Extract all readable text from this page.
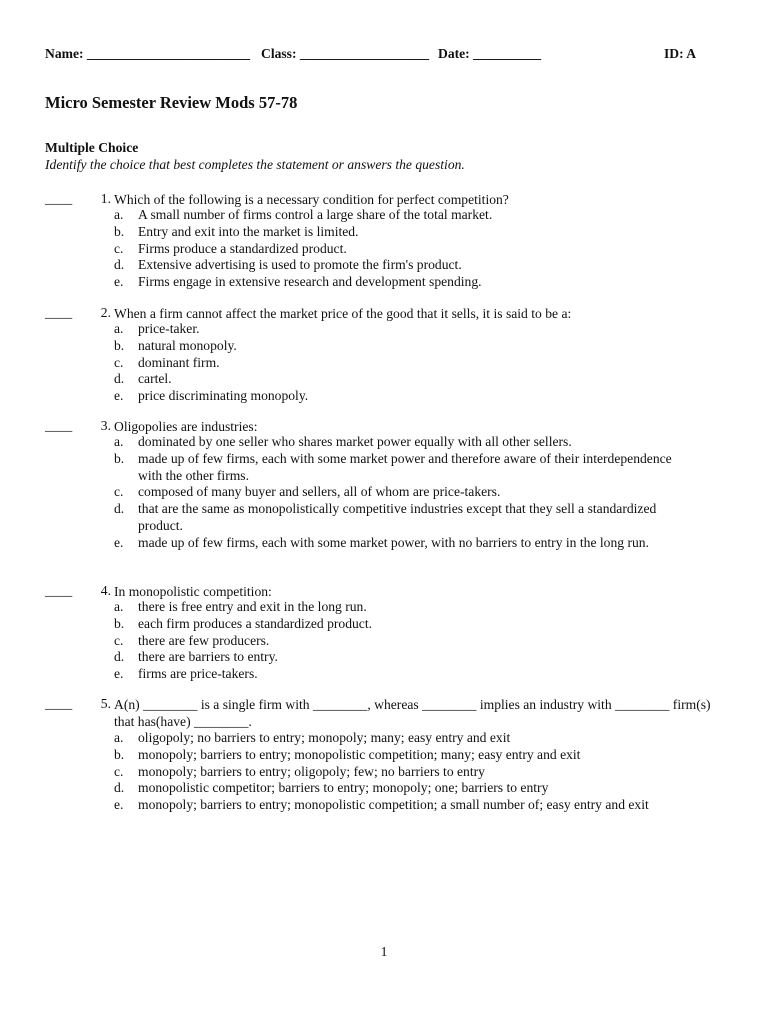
Name: ________________________ Class: ___________________ Date: __________	ID: A
Micro Semester Review Mods 57-78
Multiple Choice
Identify the choice that best completes the statement or answers the question.
____	1. Which of the following is a necessary condition for perfect competition?
a. A small number of firms control a large share of the total market.
b. Entry and exit into the market is limited.
c. Firms produce a standardized product.
d. Extensive advertising is used to promote the firm's product.
e. Firms engage in extensive research and development spending.
____	2. When a firm cannot affect the market price of the good that it sells, it is said to be a:
a. price-taker.
b. natural monopoly.
c. dominant firm.
d. cartel.
e. price discriminating monopoly.
____	3. Oligopolies are industries:
a. dominated by one seller who shares market power equally with all other sellers.
b. made up of few firms, each with some market power and therefore aware of their interdependence with the other firms.
c. composed of many buyer and sellers, all of whom are price-takers.
d. that are the same as monopolistically competitive industries except that they sell a standardized product.
e. made up of few firms, each with some market power, with no barriers to entry in the long run.
____	4. In monopolistic competition:
a. there is free entry and exit in the long run.
b. each firm produces a standardized product.
c. there are few producers.
d. there are barriers to entry.
e. firms are price-takers.
____	5. A(n) ________ is a single firm with ________, whereas ________ implies an industry with ________ firm(s) that has(have) ________.
a. oligopoly; no barriers to entry; monopoly; many; easy entry and exit
b. monopoly; barriers to entry; monopolistic competition; many; easy entry and exit
c. monopoly; barriers to entry; oligopoly; few; no barriers to entry
d. monopolistic competitor; barriers to entry; monopoly; one; barriers to entry
e. monopoly; barriers to entry; monopolistic competition; a small number of; easy entry and exit
1
